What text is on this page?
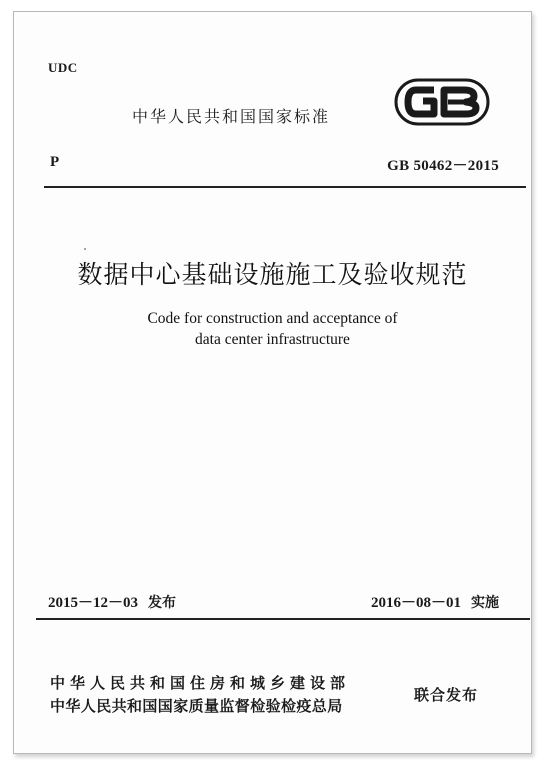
UDC
中华人民共和国国家标准
P	GB 50462－2015
数据中心基础设施施工及验收规范
Code for construction and acceptance of
data center infrastructure
2015－12－03 发布	2016－08－01 实施
中华人民共和国住房和城乡建设部
中华人民共和国国家质量监督检验检疫总局
联合发布
